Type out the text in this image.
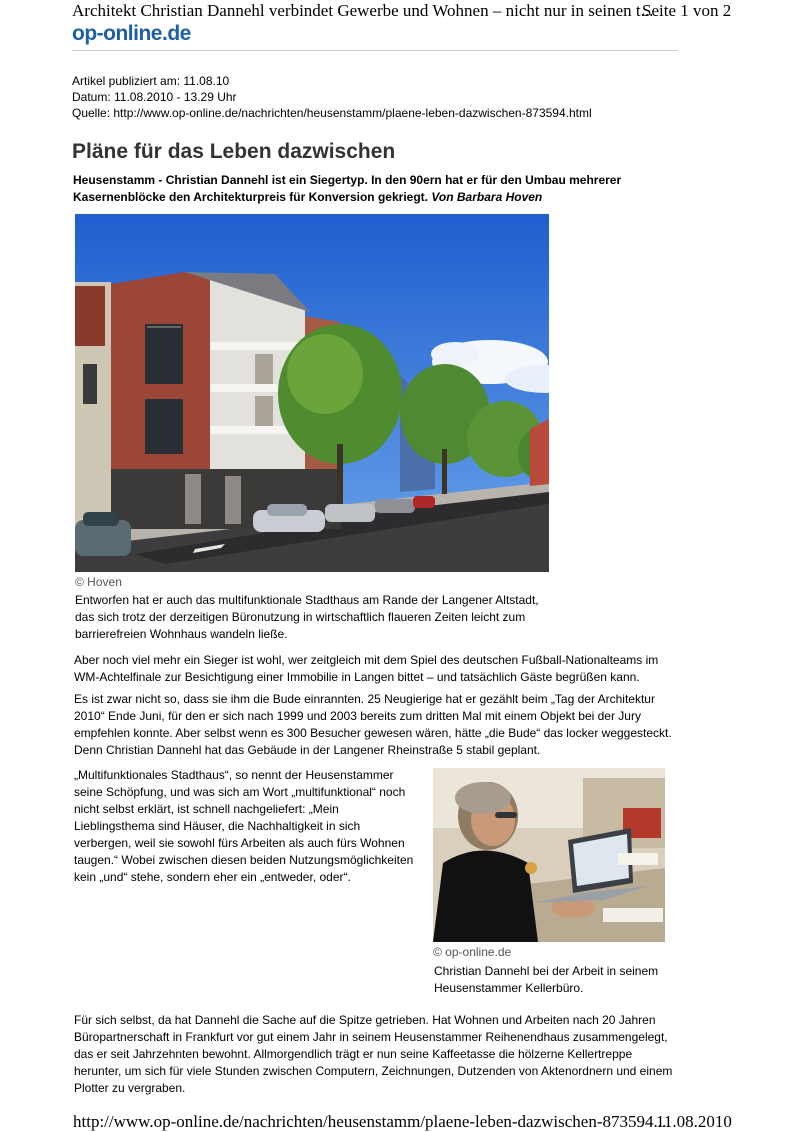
Architekt Christian Dannehl verbindet Gewerbe und Wohnen – nicht nur in seinen t...
Seite 1 von 2
op-online.de
Artikel publiziert am: 11.08.10
Datum: 11.08.2010 - 13.29 Uhr
Quelle: http://www.op-online.de/nachrichten/heusenstamm/plaene-leben-dazwischen-873594.html
Pläne für das Leben dazwischen
Heusenstamm - Christian Dannehl ist ein Siegertyp. In den 90ern hat er für den Umbau mehrerer Kasernenblöcke den Architekturpreis für Konversion gekriegt. Von Barbara Hoven
© Hoven
Entworfen hat er auch das multifunktionale Stadthaus am Rande der Langener Altstadt, das sich trotz der derzeitigen Büronutzung in wirtschaftlich flaueren Zeiten leicht zum barrierefreien Wohnhaus wandeln ließe.

Aber noch viel mehr ein Sieger ist wohl, wer zeitgleich mit dem Spiel des deutschen Fußball-Nationalteams im WM-Achtelfinale zur Besichtigung einer Immobilie in Langen bittet – und tatsächlich Gäste begrüßen kann.

Es ist zwar nicht so, dass sie ihm die Bude einrannten. 25 Neugierige hat er gezählt beim „Tag der Architektur 2010“ Ende Juni, für den er sich nach 1999 und 2003 bereits zum dritten Mal mit einem Objekt bei der Jury empfehlen konnte. Aber selbst wenn es 300 Besucher gewesen wären, hätte „die Bude“ das locker weggesteckt. Denn Christian Dannehl hat das Gebäude in der Langener Rheinstraße 5 stabil geplant.

„Multifunktionales Stadthaus“, so nennt der Heusenstammer seine Schöpfung, und was sich am Wort „multifunktional“ noch nicht selbst erklärt, ist schnell nachgeliefert: „Mein Lieblingsthema sind Häuser, die Nachhaltigkeit in sich verbergen, weil sie sowohl fürs Arbeiten als auch fürs Wohnen taugen.“ Wobei zwischen diesen beiden Nutzungsmöglichkeiten kein „und“ stehe, sondern eher ein „entweder, oder“.

© op-online.de
Christian Dannehl bei der Arbeit in seinem Heusenstammer Kellerbüro.

Für sich selbst, da hat Dannehl die Sache auf die Spitze getrieben. Hat Wohnen und Arbeiten nach 20 Jahren Büropartnerschaft in Frankfurt vor gut einem Jahr in seinem Heusenstammer Reihenendhaus zusammengelegt, das er seit Jahrzehnten bewohnt. Allmorgendlich trägt er nun seine Kaffeetasse die hölzerne Kellertreppe herunter, um sich für viele Stunden zwischen Computern, Zeichnungen, Dutzenden von Aktenordnern und einem Plotter zu vergraben.

http://www.op-online.de/nachrichten/heusenstamm/plaene-leben-dazwischen-873594....
11.08.2010
